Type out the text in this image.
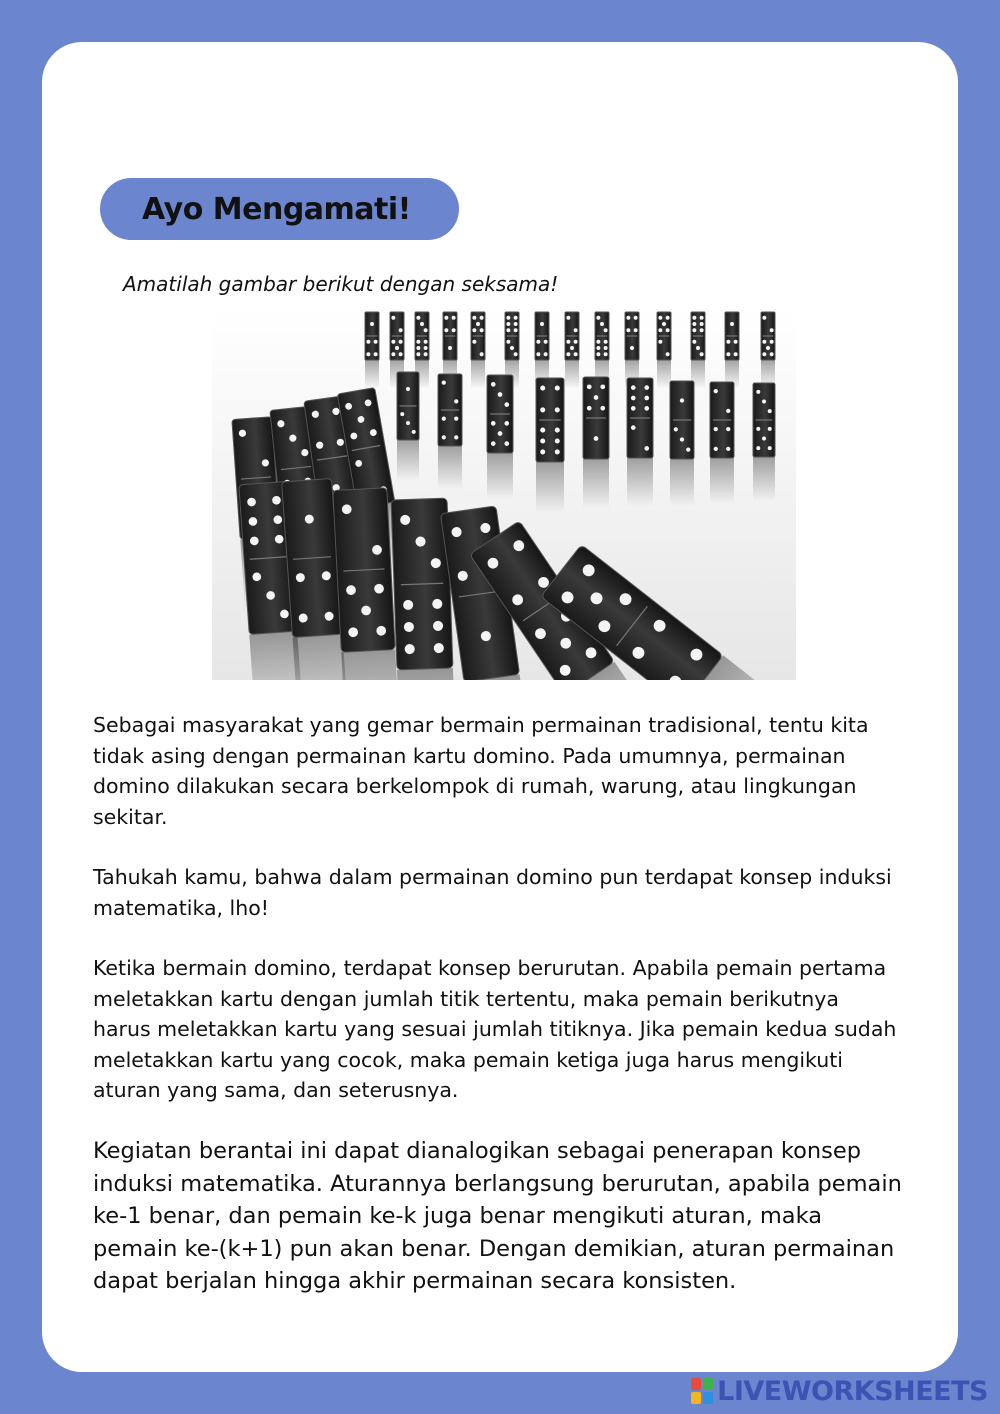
Ayo Mengamati!
Amatilah gambar berikut dengan seksama!

Sebagai masyarakat yang gemar bermain permainan tradisional, tentu kita tidak asing dengan permainan kartu domino. Pada umumnya, permainan domino dilakukan secara berkelompok di rumah, warung, atau lingkungan sekitar.

Tahukah kamu, bahwa dalam permainan domino pun terdapat konsep induksi matematika, lho!

Ketika bermain domino, terdapat konsep berurutan. Apabila pemain pertama meletakkan kartu dengan jumlah titik tertentu, maka pemain berikutnya harus meletakkan kartu yang sesuai jumlah titiknya. Jika pemain kedua sudah meletakkan kartu yang cocok, maka pemain ketiga juga harus mengikuti aturan yang sama, dan seterusnya.

Kegiatan berantai ini dapat dianalogikan sebagai penerapan konsep induksi matematika. Aturannya berlangsung berurutan, apabila pemain ke-1 benar, dan pemain ke-k juga benar mengikuti aturan, maka pemain ke-(k+1) pun akan benar. Dengan demikian, aturan permainan dapat berjalan hingga akhir permainan secara konsisten.

LIVEWORKSHEETS
